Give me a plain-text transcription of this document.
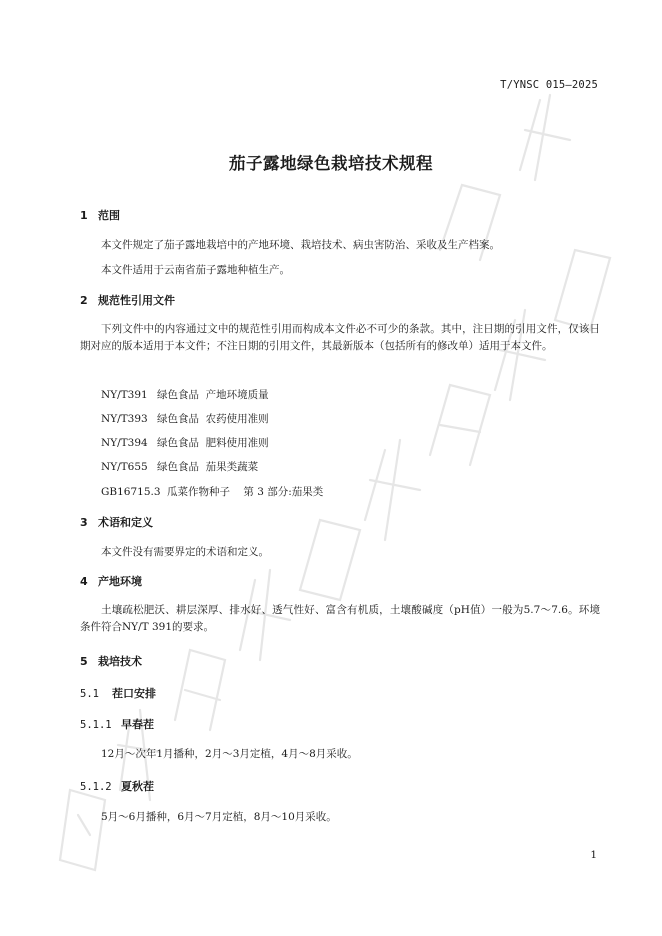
T/YNSC 015—2025
茄子露地绿色栽培技术规程
1 范围
本文件规定了茄子露地栽培中的产地环境、栽培技术、病虫害防治、采收及生产档案。
本文件适用于云南省茄子露地种植生产。
2 规范性引用文件
下列文件中的内容通过文中的规范性引用而构成本文件必不可少的条款。其中，注日期的引用文件，仅该日期对应的版本适用于本文件；不注日期的引用文件，其最新版本（包括所有的修改单）适用于本文件。
NY/T391 绿色食品  产地环境质量
NY/T393 绿色食品  农药使用准则
NY/T394 绿色食品  肥料使用准则
NY/T655 绿色食品  茄果类蔬菜
GB16715.3 瓜菜作物种子    第 3 部分:茄果类
3 术语和定义
本文件没有需要界定的术语和定义。
4 产地环境
土壤疏松肥沃、耕层深厚、排水好、透气性好、富含有机质，土壤酸碱度（pH值）一般为5.7～7.6。环境条件符合NY/T 391的要求。
5 栽培技术
5.1 茬口安排
5.1.1 早春茬
12月～次年1月播种，2月～3月定植，4月～8月采收。
5.1.2 夏秋茬
5月～6月播种，6月～7月定植，8月～10月采收。
1
